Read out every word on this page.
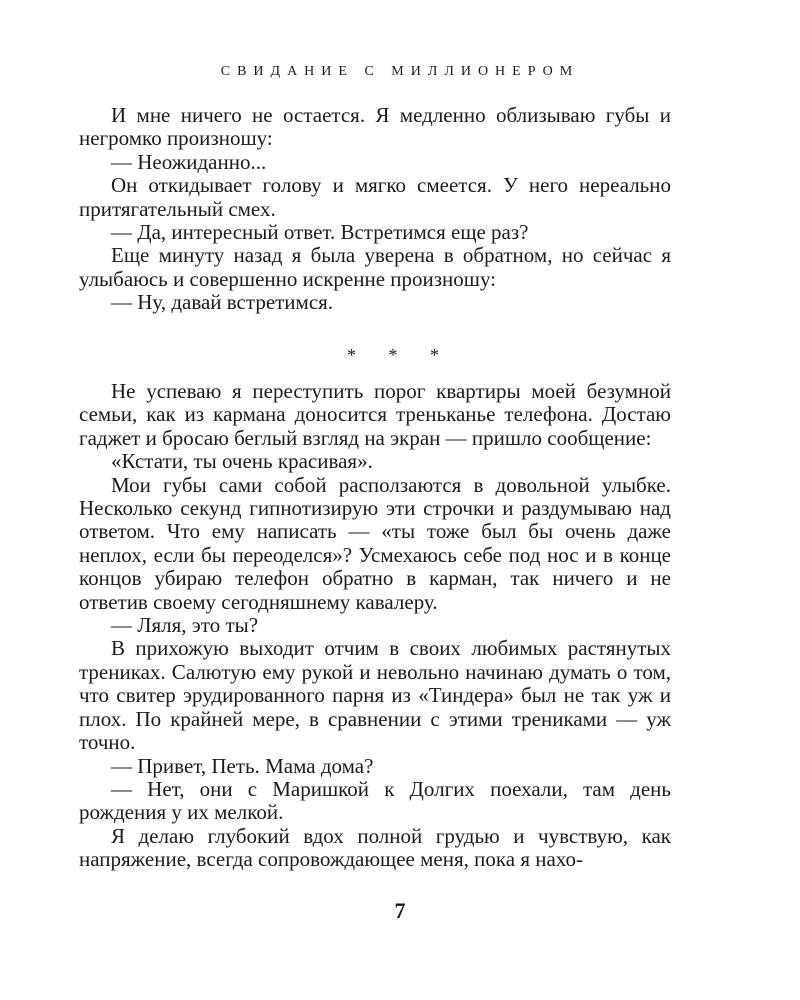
СВИДАНИЕ С МИЛЛИОНЕРОМ

И мне ничего не остается. Я медленно облизываю губы и негромко произношу:

— Неожиданно...

Он откидывает голову и мягко смеется. У него нереально притягательный смех.

— Да, интересный ответ. Встретимся еще раз?

Еще минуту назад я была уверена в обратном, но сейчас я улыбаюсь и совершенно искренне произношу:

— Ну, давай встретимся.

* * *

Не успеваю я переступить порог квартиры моей безумной семьи, как из кармана доносится треньканье телефона. Достаю гаджет и бросаю беглый взгляд на экран — пришло сообщение:

«Кстати, ты очень красивая».

Мои губы сами собой расползаются в довольной улыбке. Несколько секунд гипнотизирую эти строчки и раздумываю над ответом. Что ему написать — «ты тоже был бы очень даже неплох, если бы переоделся»? Усмехаюсь себе под нос и в конце концов убираю телефон обратно в карман, так ничего и не ответив своему сегодняшнему кавалеру.

— Ляля, это ты?

В прихожую выходит отчим в своих любимых растянутых трениках. Салютую ему рукой и невольно начинаю думать о том, что свитер эрудированного парня из «Тиндера» был не так уж и плох. По крайней мере, в сравнении с этими трениками — уж точно.

— Привет, Петь. Мама дома?

— Нет, они с Маришкой к Долгих поехали, там день рождения у их мелкой.

Я делаю глубокий вдох полной грудью и чувствую, как напряжение, всегда сопровождающее меня, пока я нахо-

7
